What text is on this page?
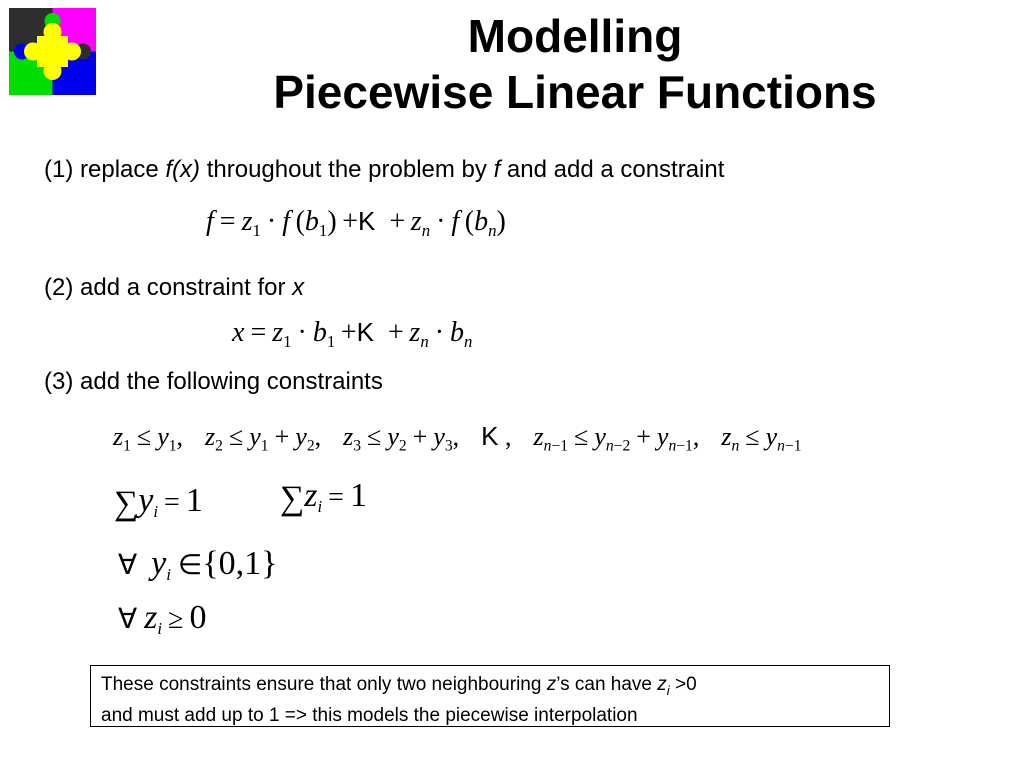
Modelling
Piecewise Linear Functions
(1) replace f(x) throughout the problem by f and add a constraint
$f = z_1 \cdot f$ $(b_1) +K + z_n \cdot f$ $(b_n)$
(2) add a constraint for x
$x = z_1 \cdot b_1 +K + z_n \cdot b_n$
(3) add the following constraints
$z_1 \le y_1$, $z_2 \le y_1 + y_2$, $z_3 \le y_2 + y_3$, K , $z_{n-1} \le y_{n-2} + y_{n-1}$, $z_n \le y_{n-1}$
$\sum y_i = 1$ $\sum z_i = 1$
∀  $y_i$ ∈{0,1}
∀ $z_i \ge 0$
These constraints ensure that only two neighbouring z’s can have $z_i >0$
and must add up to 1 => this models the piecewise interpolation
